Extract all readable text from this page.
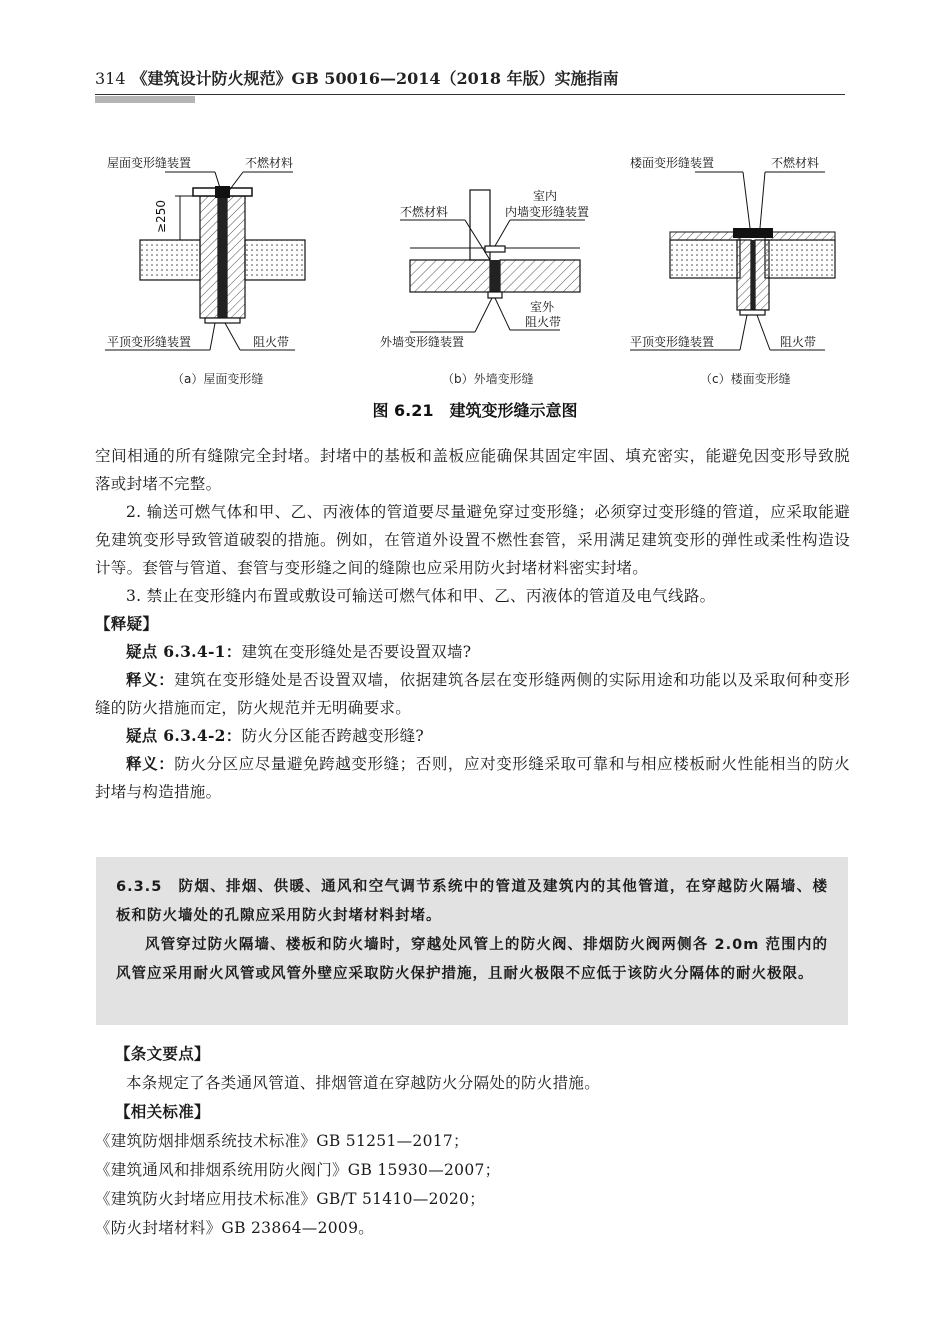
314 《建筑设计防火规范》GB 50016—2014（2018 年版）实施指南
≥250
屋面变形缝装置	不燃材料
平顶变形缝装置	阻火带
（a）屋面变形缝
室内
内墙变形缝装置
不燃材料
室外
阻火带
外墙变形缝装置
（b）外墙变形缝
楼面变形缝装置	不燃材料
平顶变形缝装置	阻火带
（c）楼面变形缝
图 6.21　建筑变形缝示意图

空间相通的所有缝隙完全封堵。封堵中的基板和盖板应能确保其固定牢固、填充密实，能避免因变形导致脱落或封堵不完整。

2. 输送可燃气体和甲、乙、丙液体的管道要尽量避免穿过变形缝；必须穿过变形缝的管道，应采取能避免建筑变形导致管道破裂的措施。例如，在管道外设置不燃性套管，采用满足建筑变形的弹性或柔性构造设计等。套管与管道、套管与变形缝之间的缝隙也应采用防火封堵材料密实封堵。

3. 禁止在变形缝内布置或敷设可输送可燃气体和甲、乙、丙液体的管道及电气线路。

【释疑】

疑点 6.3.4-1：建筑在变形缝处是否要设置双墙?

释义：建筑在变形缝处是否设置双墙，依据建筑各层在变形缝两侧的实际用途和功能以及采取何种变形缝的防火措施而定，防火规范并无明确要求。

疑点 6.3.4-2：防火分区能否跨越变形缝?

释义：防火分区应尽量避免跨越变形缝；否则，应对变形缝采取可靠和与相应楼板耐火性能相当的防火封堵与构造措施。

6.3.5　 防烟、排烟、供暖、通风和空气调节系统中的管道及建筑内的其他管道，在穿越防火隔墙、楼板和防火墙处的孔隙应采用防火封堵材料封堵。

风管穿过防火隔墙、楼板和防火墙时，穿越处风管上的防火阀、排烟防火阀两侧各 2.0m 范围内的风管应采用耐火风管或风管外壁应采取防火保护措施，且耐火极限不应低于该防火分隔体的耐火极限。

【条文要点】

本条规定了各类通风管道、排烟管道在穿越防火分隔处的防火措施。

【相关标准】

《建筑防烟排烟系统技术标准》GB 51251—2017；

《建筑通风和排烟系统用防火阀门》GB 15930—2007；

《建筑防火封堵应用技术标准》GB/T 51410—2020；

《防火封堵材料》GB 23864—2009。
